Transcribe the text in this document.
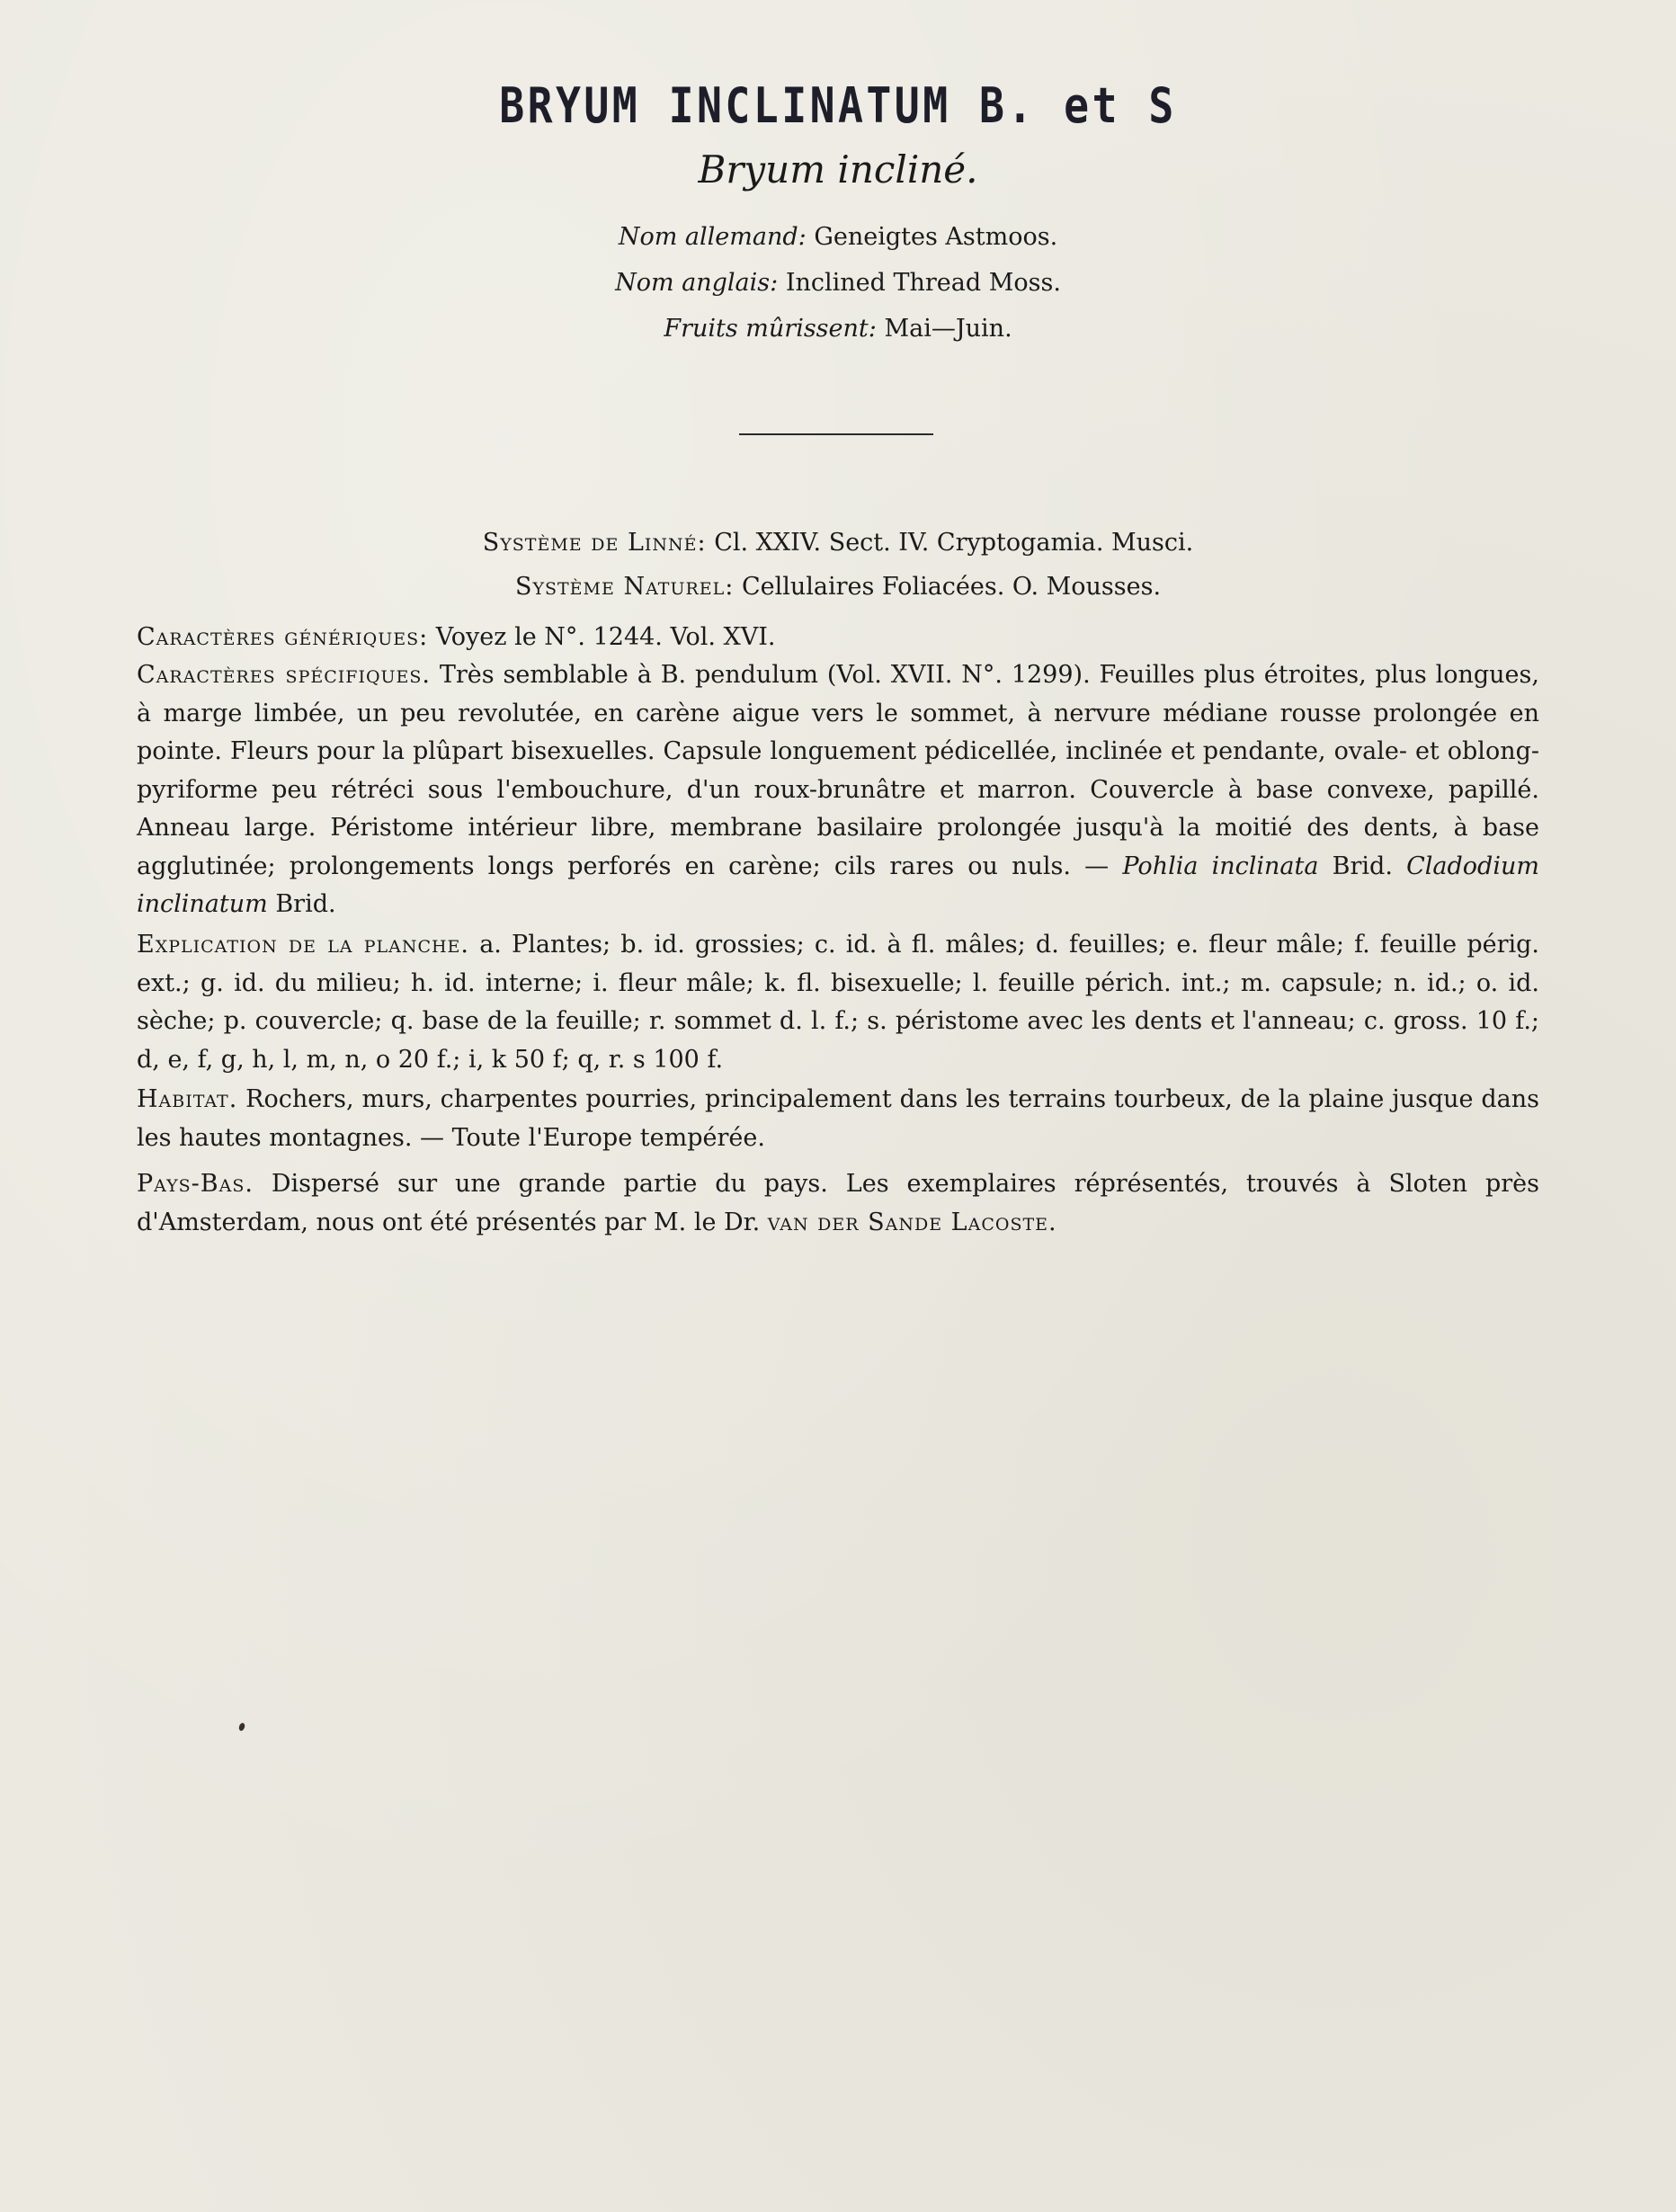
BRYUM INCLINATUM B. et S
Bryum incliné.
Nom allemand: Geneigtes Astmoos.
Nom anglais: Inclined Thread Moss.
Fruits mûrissent: Mai—Juin.
Système de Linné: Cl. XXIV. Sect. IV. Cryptogamia. Musci.
Système Naturel: Cellulaires Foliacées. O. Mousses.

Caractères génériques: Voyez le N°. 1244. Vol. XVI.

Caractères spécifiques. Très semblable à B. pendulum (Vol. XVII. N°. 1299). Feuilles plus étroites, plus longues, à marge limbée, un peu revolutée, en carène aigue vers le sommet, à nervure médiane rousse prolongée en pointe. Fleurs pour la plûpart bisexuelles. Capsule longuement pédicellée, inclinée et pendante, ovale- et oblong-pyriforme peu rétréci sous l'embouchure, d'un roux-brunâtre et marron. Couvercle à base convexe, papillé. Anneau large. Péristome intérieur libre, membrane basilaire prolongée jusqu'à la moitié des dents, à base agglutinée; prolongements longs perforés en carène; cils rares ou nuls. — Pohlia inclinata Brid. Cladodium inclinatum Brid.

Explication de la planche. a. Plantes; b. id. grossies; c. id. à fl. mâles; d. feuilles; e. fleur mâle; f. feuille périg. ext.; g. id. du milieu; h. id. interne; i. fleur mâle; k. fl. bisexuelle; l. feuille périch. int.; m. capsule; n. id.; o. id. sèche; p. couvercle; q. base de la feuille; r. sommet d. l. f.; s. péristome avec les dents et l'anneau; c. gross. 10 f.; d, e, f, g, h, l, m, n, o 20 f.; i, k 50 f; q, r. s 100 f.

Habitat. Rochers, murs, charpentes pourries, principalement dans les terrains tourbeux, de la plaine jusque dans les hautes montagnes. — Toute l'Europe tempérée.

Pays-Bas. Dispersé sur une grande partie du pays. Les exemplaires réprésentés, trouvés à Sloten près d'Amsterdam, nous ont été présentés par M. le Dr. van der Sande Lacoste.
